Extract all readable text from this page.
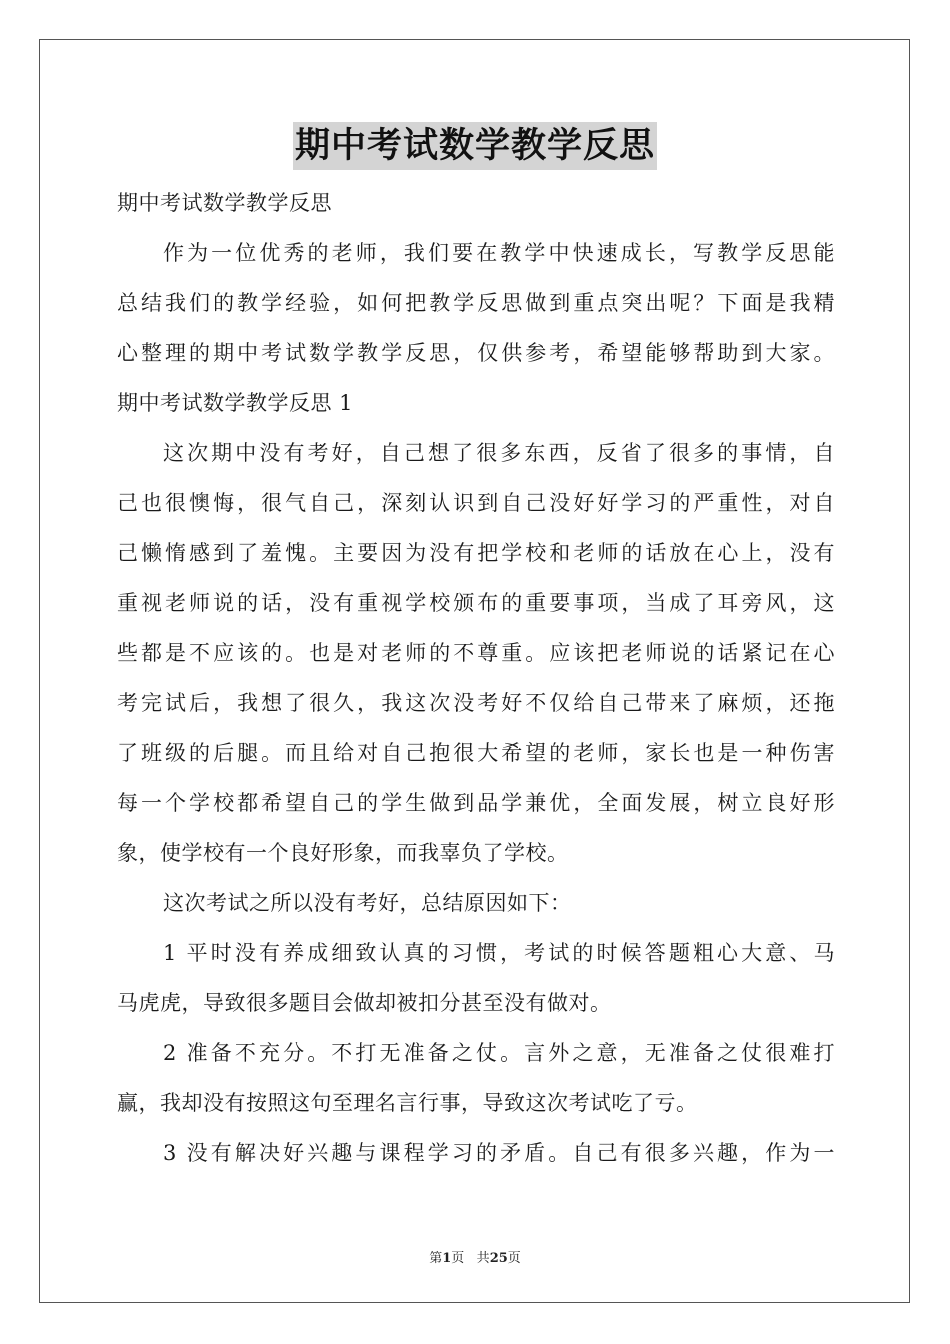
期中考试数学教学反思
期中考试数学教学反思
作为一位优秀的老师，我们要在教学中快速成长，写教学反思能
总结我们的教学经验，如何把教学反思做到重点突出呢？下面是我精
心整理的期中考试数学教学反思，仅供参考，希望能够帮助到大家。
期中考试数学教学反思 1
这次期中没有考好，自己想了很多东西，反省了很多的事情，自
己也很懊悔，很气自己，深刻认识到自己没好好学习的严重性，对自
己懒惰感到了羞愧。主要因为没有把学校和老师的话放在心上，没有
重视老师说的话，没有重视学校颁布的重要事项，当成了耳旁风，这
些都是不应该的。也是对老师的不尊重。应该把老师说的话紧记在心
考完试后，我想了很久，我这次没考好不仅给自己带来了麻烦，还拖
了班级的后腿。而且给对自己抱很大希望的老师，家长也是一种伤害
每一个学校都希望自己的学生做到品学兼优，全面发展，树立良好形
象，使学校有一个良好形象，而我辜负了学校。
这次考试之所以没有考好，总结原因如下：
1 平时没有养成细致认真的习惯，考试的时候答题粗心大意、马
马虎虎，导致很多题目会做却被扣分甚至没有做对。
2 准备不充分。不打无准备之仗。言外之意，无准备之仗很难打
赢，我却没有按照这句至理名言行事，导致这次考试吃了亏。
3 没有解决好兴趣与课程学习的矛盾。自己有很多兴趣，作为一
第1页 共25页
